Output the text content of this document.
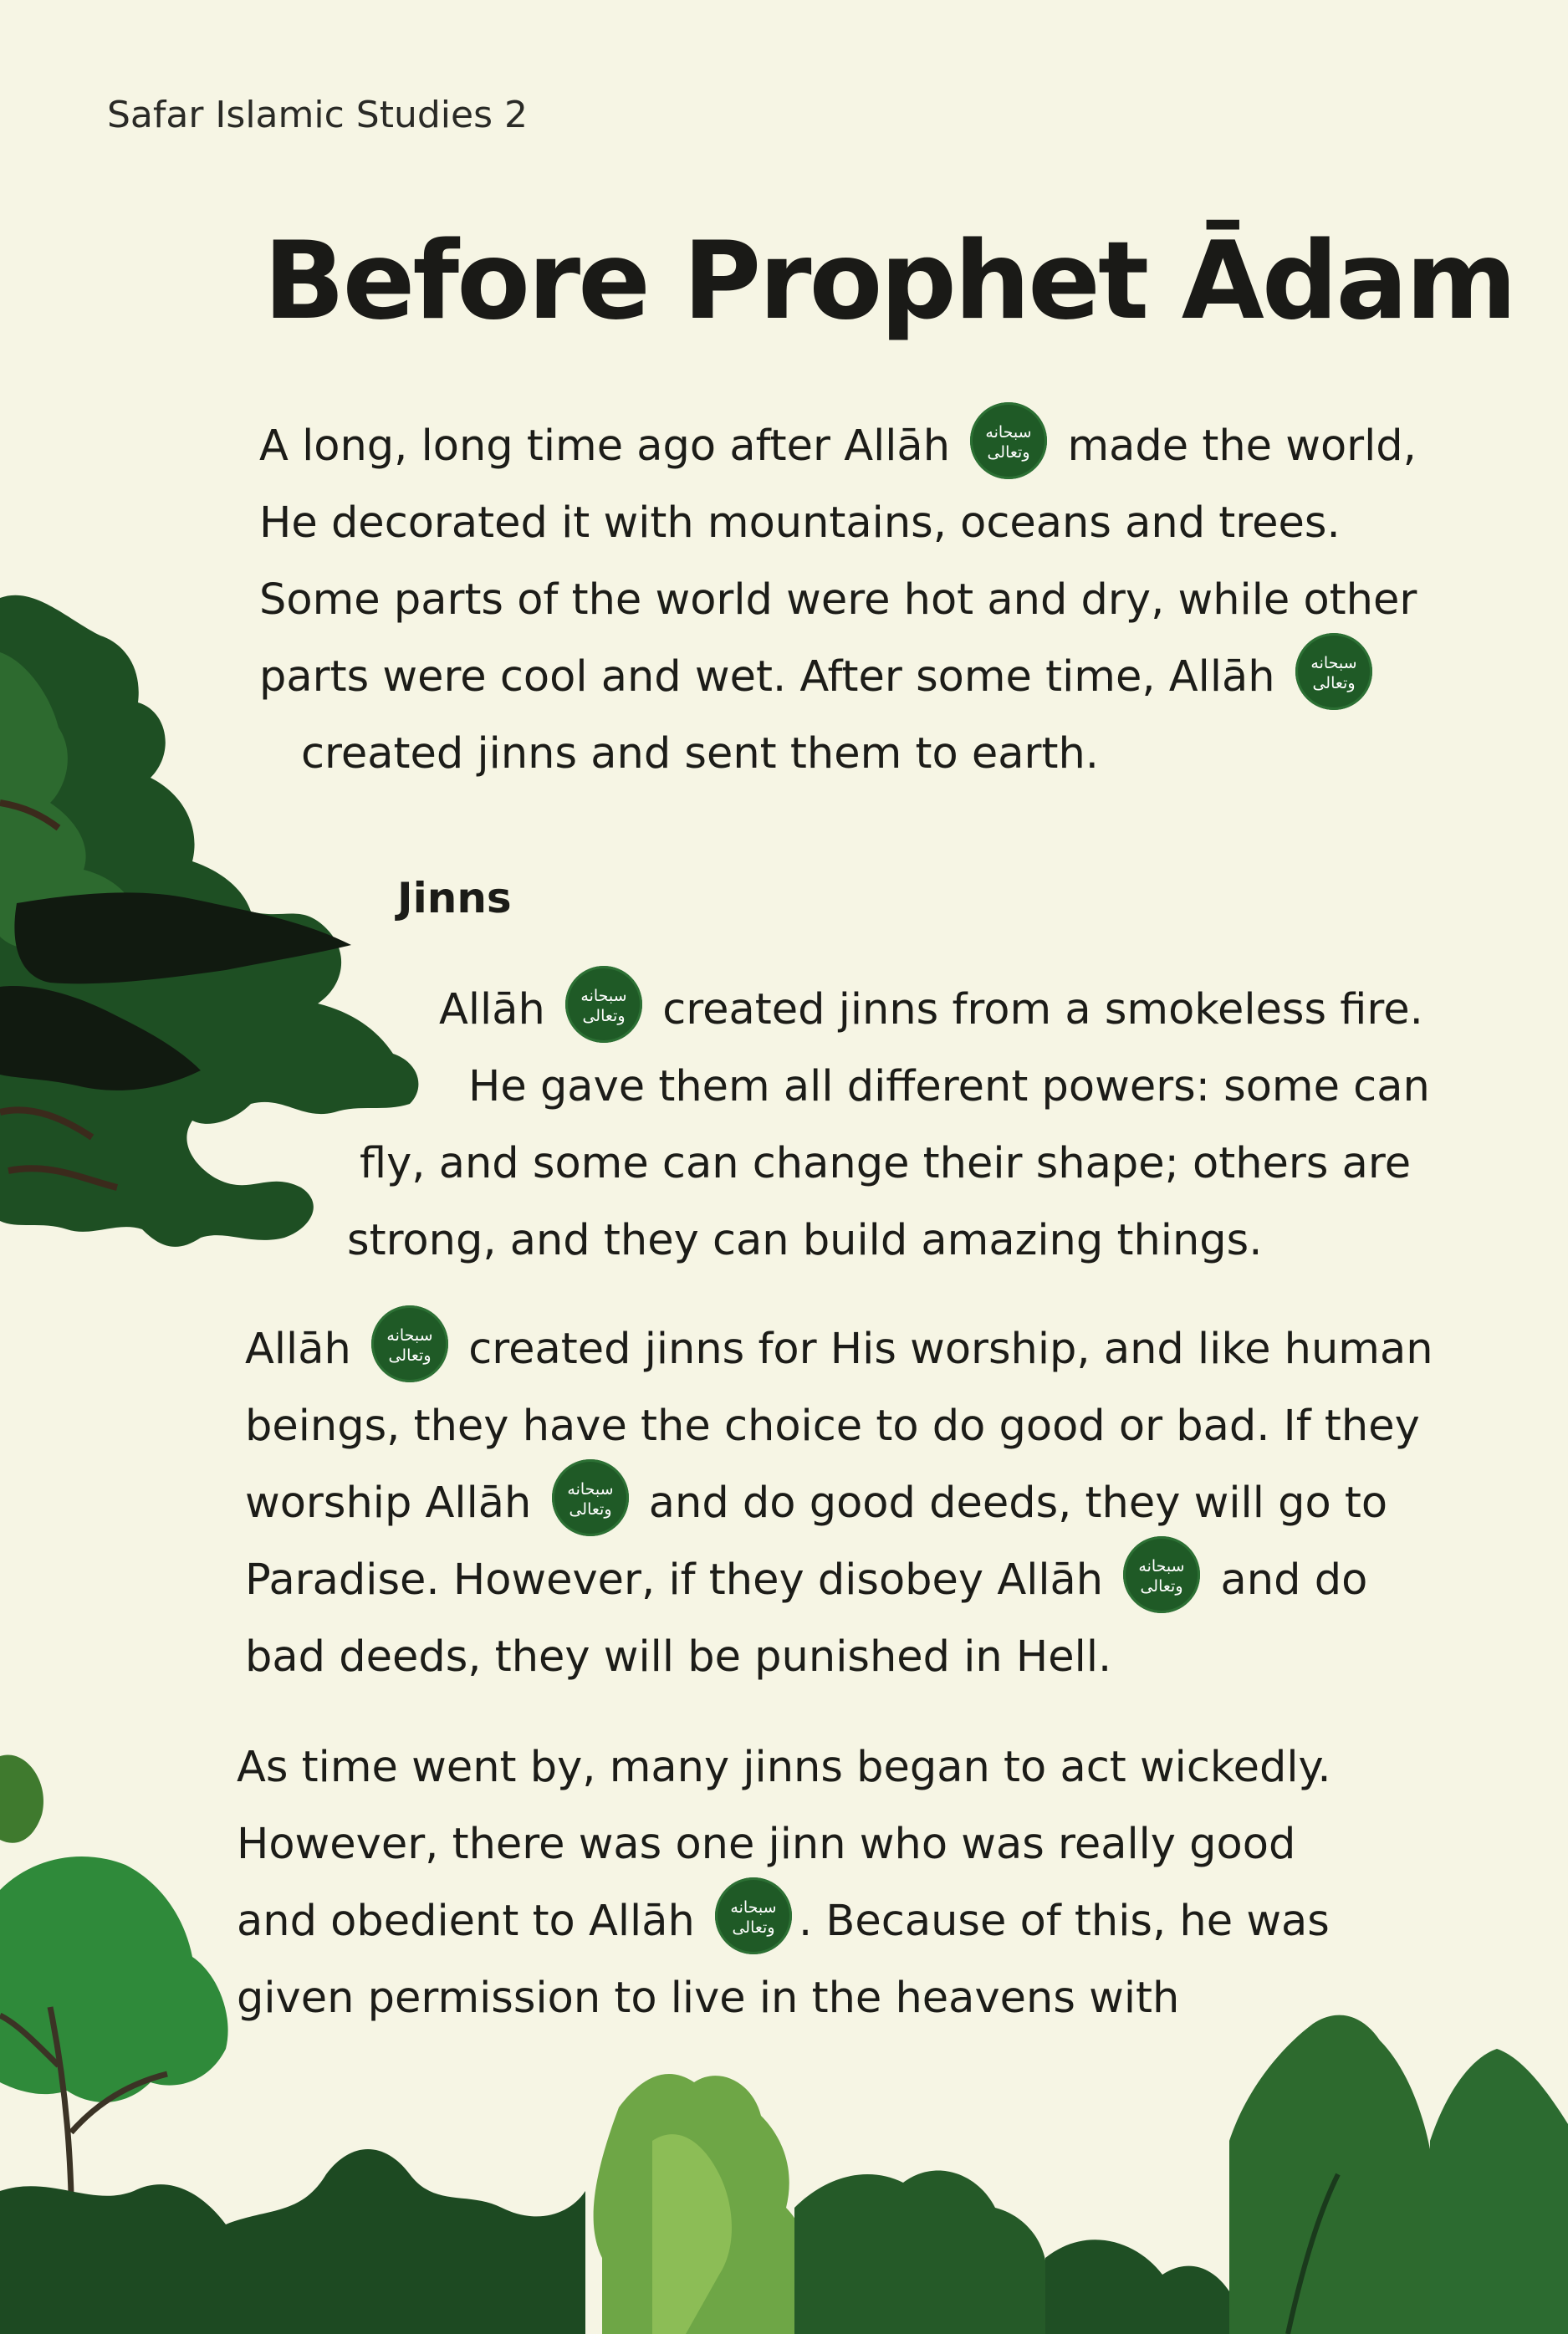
Safar Islamic Studies 2
Before Prophet Ādam
A long, long time ago after Allāh سبحانه
وتعالى made the world,
He decorated it with mountains, oceans and trees.
Some parts of the world were hot and dry, while other
parts were cool and wet. After some time, Allāh سبحانه
وتعالى
created jinns and sent them to earth.
Jinns
Allāh سبحانه
وتعالى created jinns from a smokeless fire.
He gave them all different powers: some can
fly, and some can change their shape; others are
strong, and they can build amazing things.
Allāh سبحانه
وتعالى created jinns for His worship, and like human
beings, they have the choice to do good or bad. If they
worship Allāh سبحانه
وتعالى and do good deeds, they will go to
Paradise. However, if they disobey Allāh سبحانه
وتعالى and do
bad deeds, they will be punished in Hell.
As time went by, many jinns began to act wickedly.
However, there was one jinn who was really good
and obedient to Allāh سبحانه
وتعالى . Because of this, he was
given permission to live in the heavens with
